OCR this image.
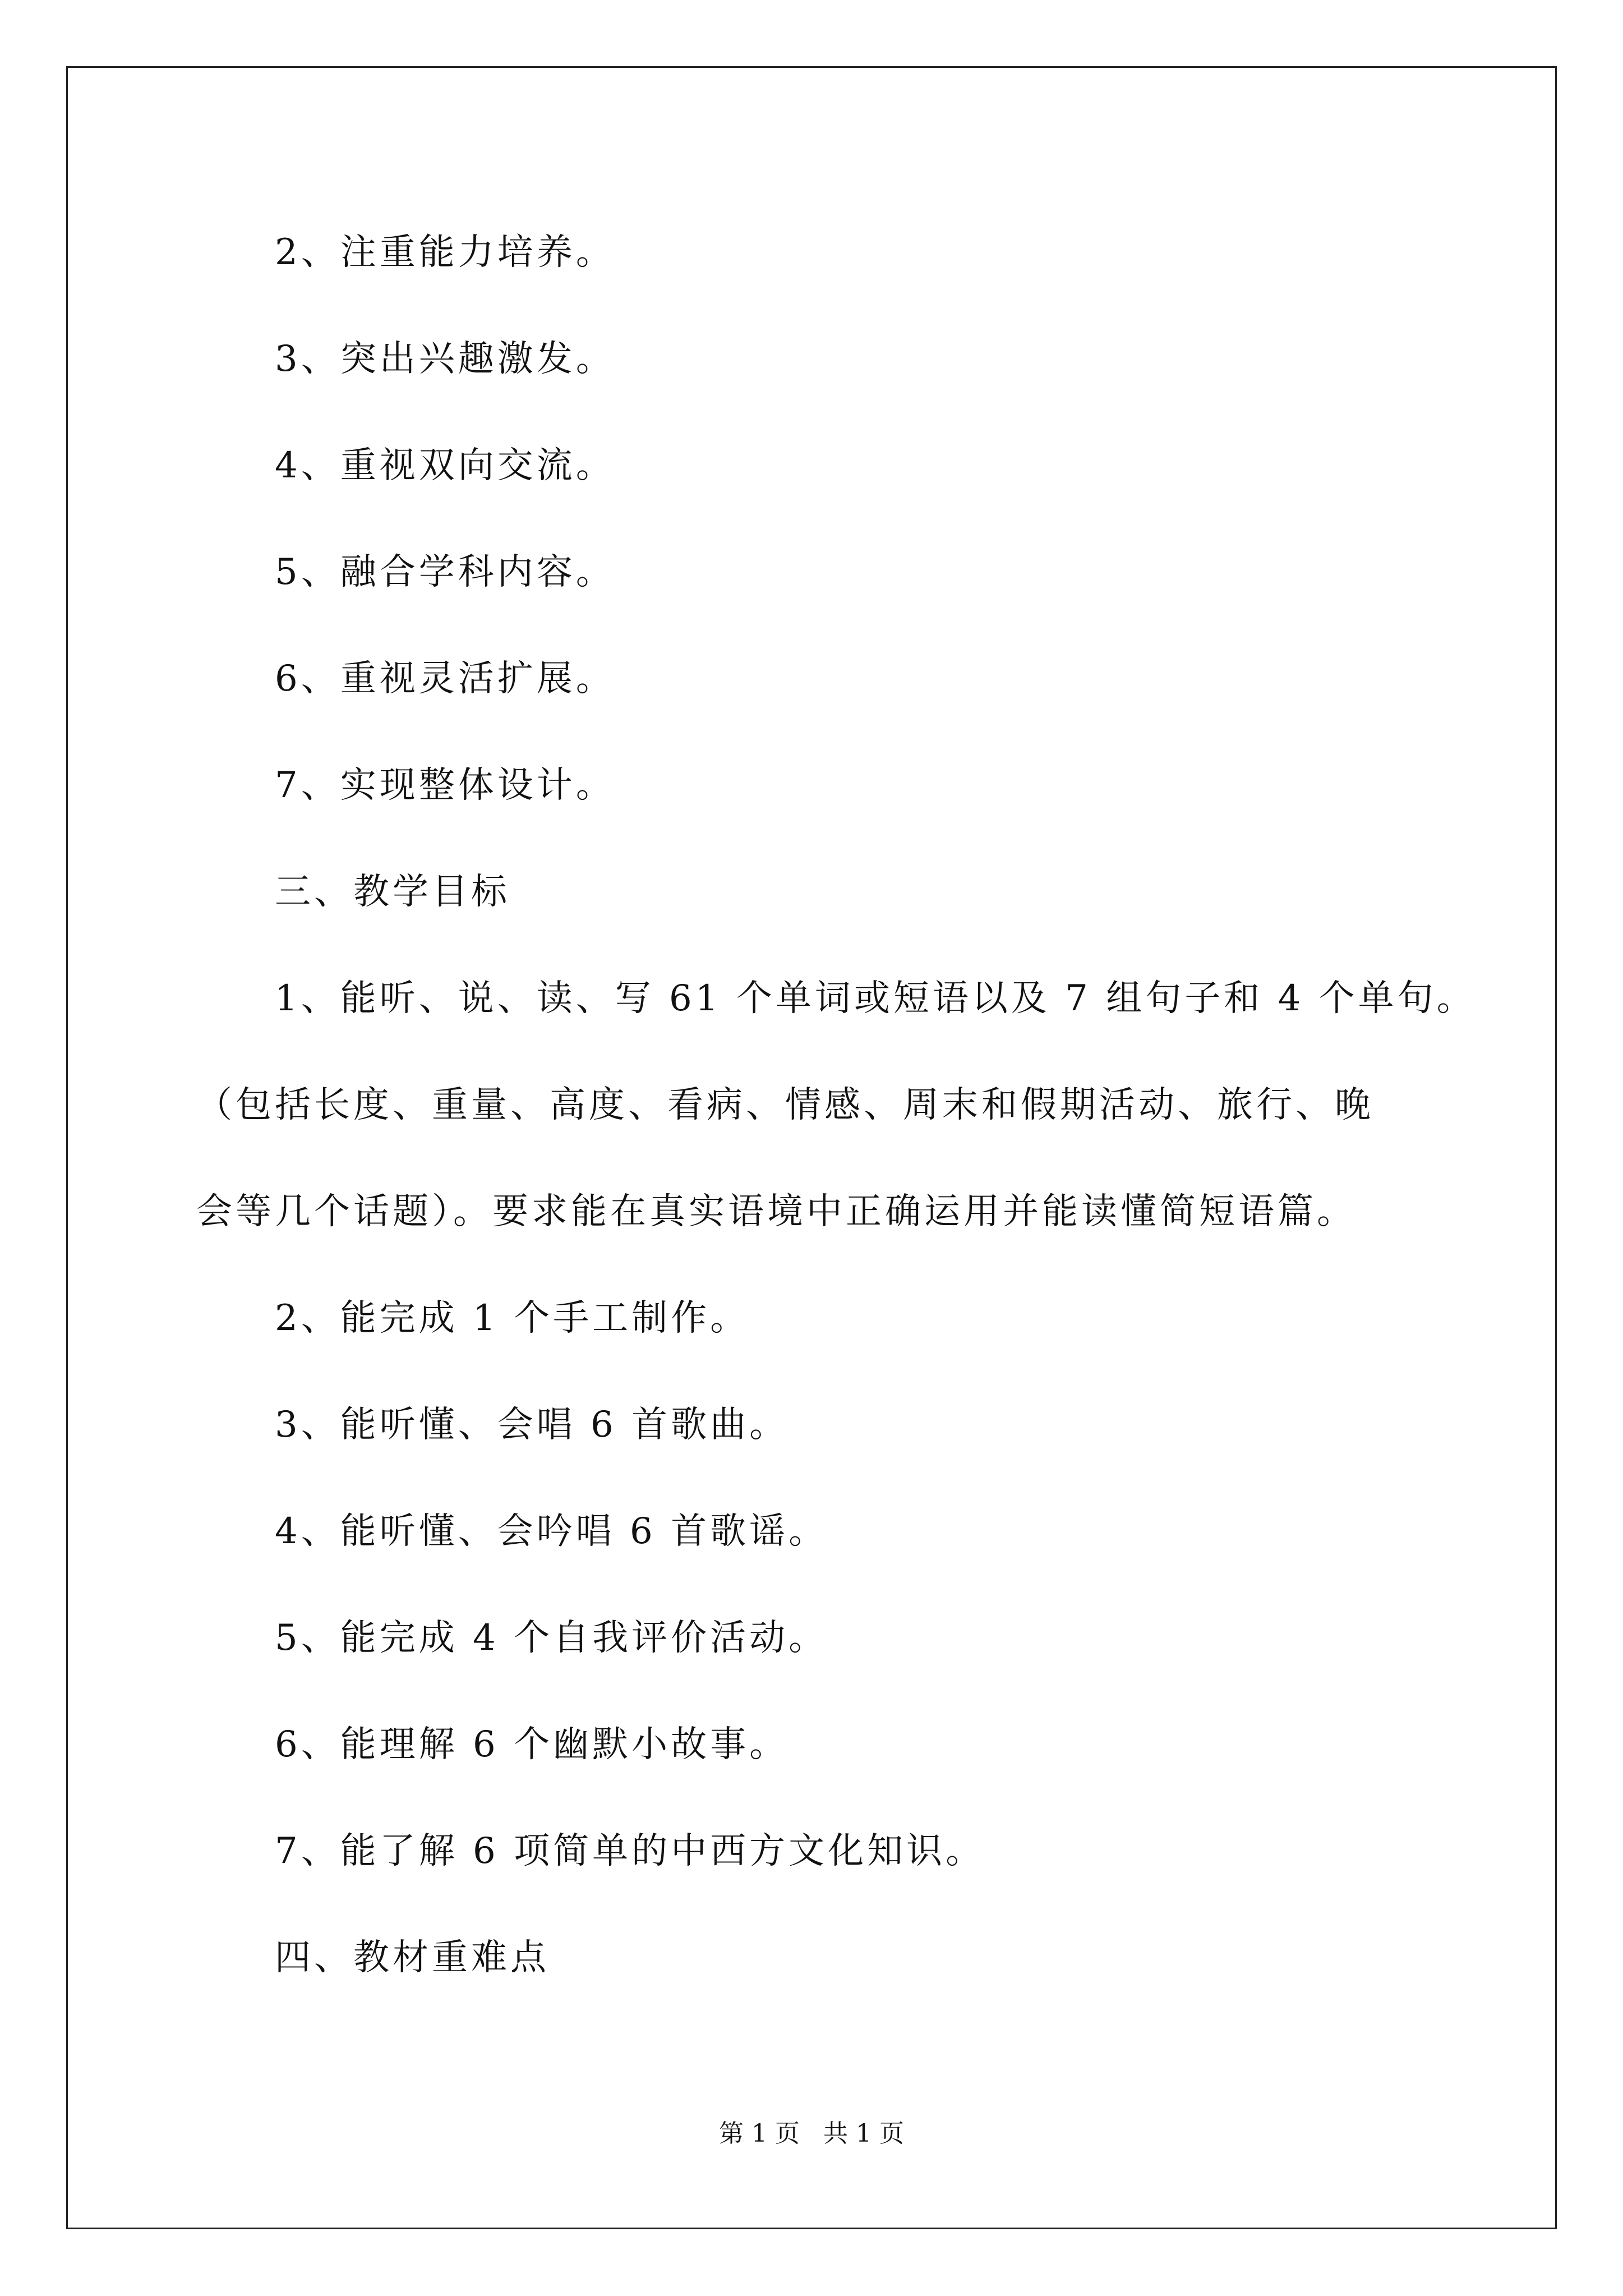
2、注重能力培养。
3、突出兴趣激发。
4、重视双向交流。
5、融合学科内容。
6、重视灵活扩展。
7、实现整体设计。
三、教学目标
1、能听、说、读、写 61 个单词或短语以及 7 组句子和 4 个单句。
（包括长度、重量、高度、看病、情感、周末和假期活动、旅行、晚
会等几个话题）。要求能在真实语境中正确运用并能读懂简短语篇。
2、能完成 1 个手工制作。
3、能听懂、会唱 6 首歌曲。
4、能听懂、会吟唱 6 首歌谣。
5、能完成 4 个自我评价活动。
6、能理解 6 个幽默小故事。
7、能了解 6 项简单的中西方文化知识。
四、教材重难点
第 1 页   共 1 页
